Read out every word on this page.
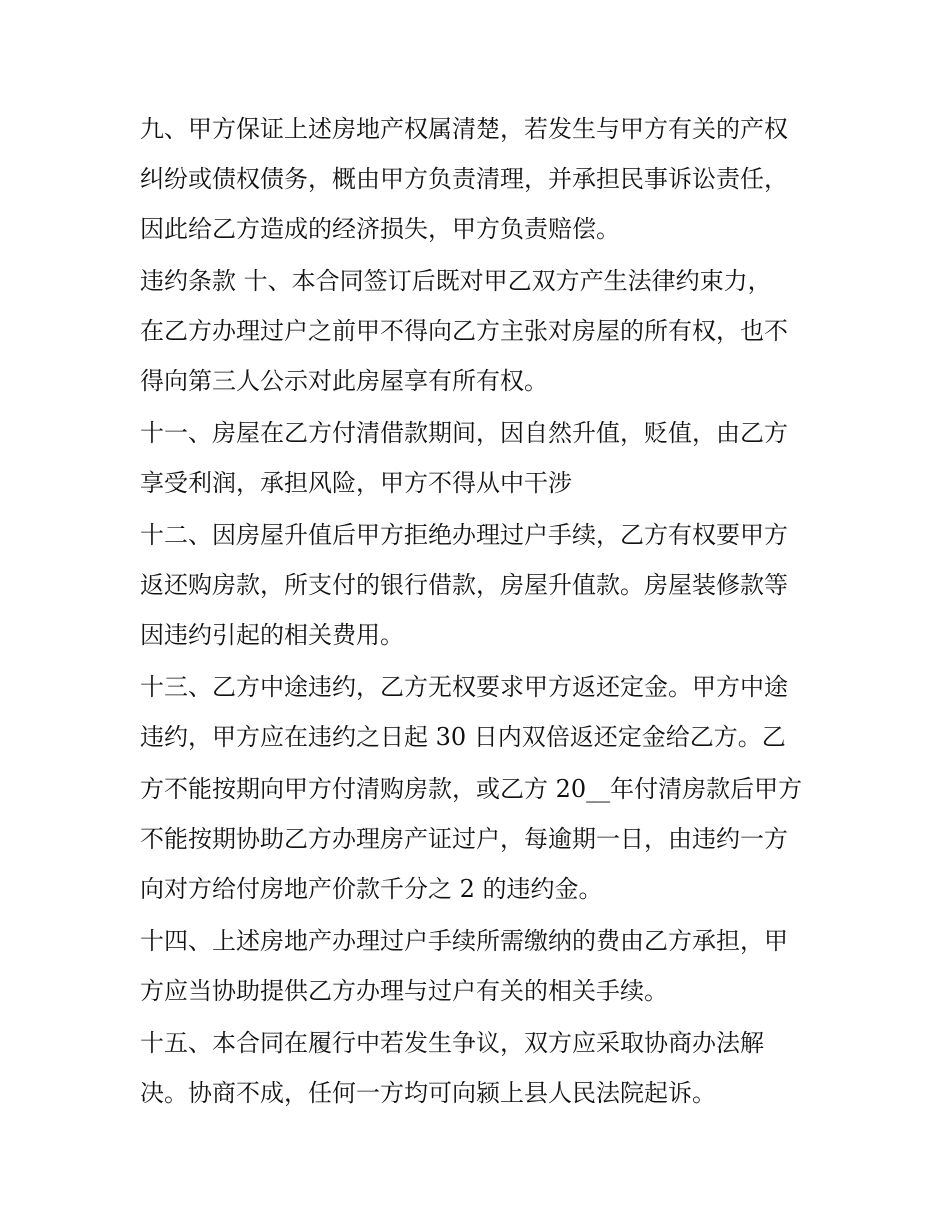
九、甲方保证上述房地产权属清楚，若发生与甲方有关的产权
纠纷或债权债务，概由甲方负责清理，并承担民事诉讼责任，
因此给乙方造成的经济损失，甲方负责赔偿。
违约条款 十、本合同签订后既对甲乙双方产生法律约束力，
在乙方办理过户之前甲不得向乙方主张对房屋的所有权，也不
得向第三人公示对此房屋享有所有权。
十一、房屋在乙方付清借款期间，因自然升值，贬值，由乙方
享受利润，承担风险，甲方不得从中干涉
十二、因房屋升值后甲方拒绝办理过户手续，乙方有权要甲方
返还购房款，所支付的银行借款，房屋升值款。房屋装修款等
因违约引起的相关费用。
十三、乙方中途违约，乙方无权要求甲方返还定金。甲方中途
违约，甲方应在违约之日起 30 日内双倍返还定金给乙方。乙
方不能按期向甲方付清购房款，或乙方 20__年付清房款后甲方
不能按期协助乙方办理房产证过户，每逾期一日，由违约一方
向对方给付房地产价款千分之 2 的违约金。
十四、上述房地产办理过户手续所需缴纳的费由乙方承担，甲
方应当协助提供乙方办理与过户有关的相关手续。
十五、本合同在履行中若发生争议，双方应采取协商办法解
决。协商不成，任何一方均可向颍上县人民法院起诉。
